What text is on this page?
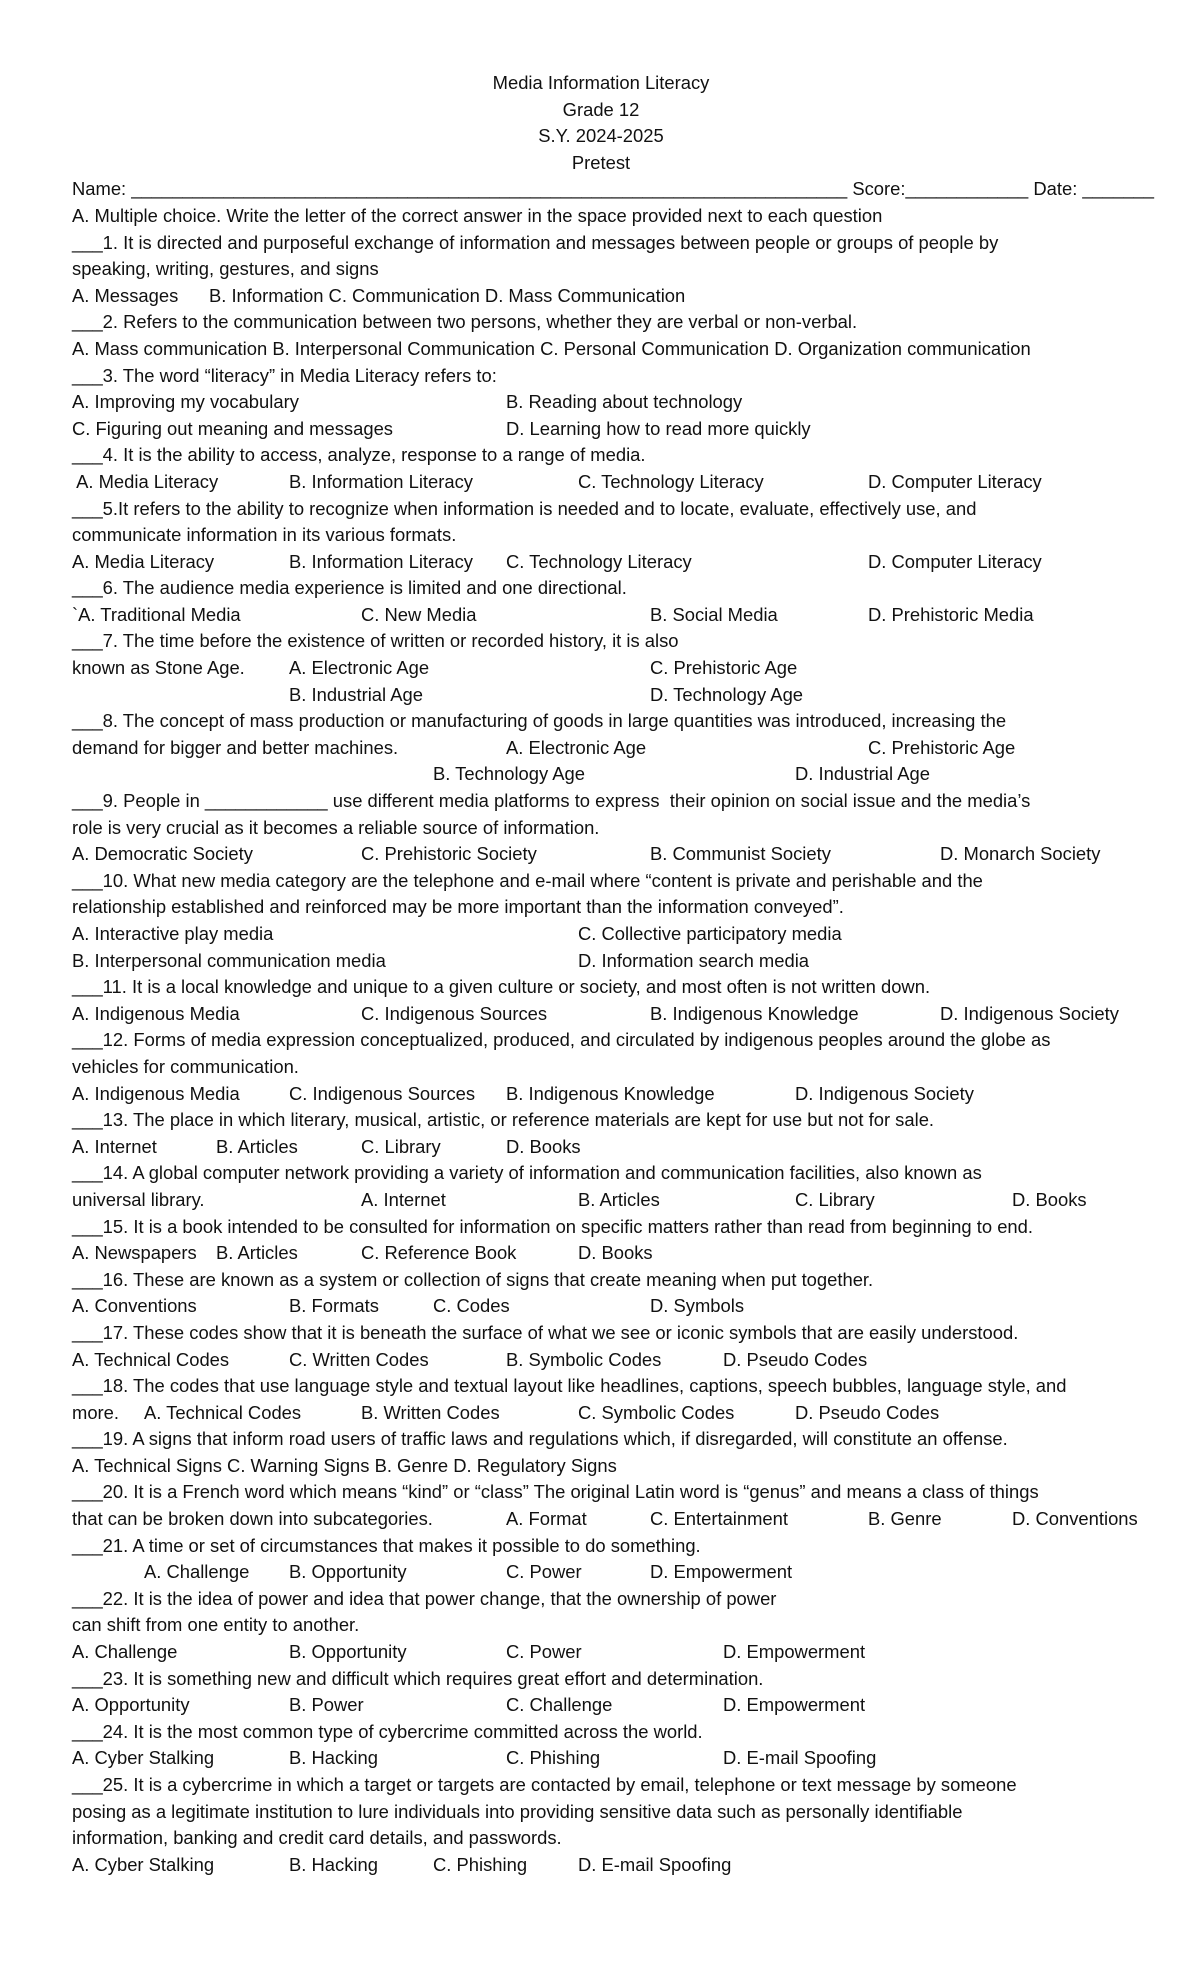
Media Information Literacy
Grade 12
S.Y. 2024-2025
Pretest
Name: ______________________________________________________________________ Score:____________ Date: _______
A. Multiple choice. Write the letter of the correct answer in the space provided next to each question
___1. It is directed and purposeful exchange of information and messages between people or groups of people by
speaking, writing, gestures, and signs
A. Messages      B. Information C. Communication D. Mass Communication
___2. Refers to the communication between two persons, whether they are verbal or non-verbal.
A. Mass communication B. Interpersonal Communication C. Personal Communication D. Organization communication
___3. The word “literacy” in Media Literacy refers to:
A. Improving my vocabulary	B. Reading about technology
C. Figuring out meaning and messages	D. Learning how to read more quickly
___4. It is the ability to access, analyze, response to a range of media.
A. Media Literacy	B. Information Literacy	C. Technology Literacy	D. Computer Literacy
___5.It refers to the ability to recognize when information is needed and to locate, evaluate, effectively use, and
communicate information in its various formats.
A. Media Literacy	B. Information Literacy C. Technology Literacy	D. Computer Literacy
___6. The audience media experience is limited and one directional.
`A. Traditional Media	C. New Media	B. Social Media	D. Prehistoric Media
___7. The time before the existence of written or recorded history, it is also
known as Stone Age. A. Electronic Age	C. Prehistoric Age
B. Industrial Age	D. Technology Age
___8. The concept of mass production or manufacturing of goods in large quantities was introduced, increasing the
demand for bigger and better machines.	A. Electronic Age	C. Prehistoric Age
B. Technology Age	D. Industrial Age
___9. People in ____________ use different media platforms to express  their opinion on social issue and the media’s
role is very crucial as it becomes a reliable source of information.
A. Democratic Society	C. Prehistoric Society	B. Communist Society	D. Monarch Society
___10. What new media category are the telephone and e-mail where “content is private and perishable and the
relationship established and reinforced may be more important than the information conveyed”.
A. Interactive play media	C. Collective participatory media
B. Interpersonal communication media	D. Information search media
___11. It is a local knowledge and unique to a given culture or society, and most often is not written down.
A. Indigenous Media	C. Indigenous Sources	B. Indigenous Knowledge	D. Indigenous Society
___12. Forms of media expression conceptualized, produced, and circulated by indigenous peoples around the globe as
vehicles for communication.
A. Indigenous Media	C. Indigenous Sources B. Indigenous Knowledge	D. Indigenous Society
___13. The place in which literary, musical, artistic, or reference materials are kept for use but not for sale.
A. Internet	B. Articles	C. Library	D. Books
___14. A global computer network providing a variety of information and communication facilities, also known as
universal library.	A. Internet	B. Articles	C. Library	D. Books
___15. It is a book intended to be consulted for information on specific matters rather than read from beginning to end.
A. Newspapers B. Articles	C. Reference Book	D. Books
___16. These are known as a system or collection of signs that create meaning when put together.
A. Conventions	B. Formats	C. Codes	D. Symbols
___17. These codes show that it is beneath the surface of what we see or iconic symbols that are easily understood.
A. Technical Codes	C. Written Codes	B. Symbolic Codes	D. Pseudo Codes
___18. The codes that use language style and textual layout like headlines, captions, speech bubbles, language style, and
more. A. Technical Codes	B. Written Codes	C. Symbolic Codes	D. Pseudo Codes
___19. A signs that inform road users of traffic laws and regulations which, if disregarded, will constitute an offense.
A. Technical Signs C. Warning Signs B. Genre D. Regulatory Signs
___20. It is a French word which means “kind” or “class” The original Latin word is “genus” and means a class of things
that can be broken down into subcategories.	A. Format	C. Entertainment	B. Genre	D. Conventions
___21. A time or set of circumstances that makes it possible to do something.
A. Challenge B. Opportunity	C. Power	D. Empowerment
___22. It is the idea of power and idea that power change, that the ownership of power
can shift from one entity to another.
A. Challenge	B. Opportunity	C. Power	D. Empowerment
___23. It is something new and difficult which requires great effort and determination.
A. Opportunity	B. Power	C. Challenge	D. Empowerment
___24. It is the most common type of cybercrime committed across the world.
A. Cyber Stalking	B. Hacking	C. Phishing	D. E-mail Spoofing
___25. It is a cybercrime in which a target or targets are contacted by email, telephone or text message by someone
posing as a legitimate institution to lure individuals into providing sensitive data such as personally identifiable
information, banking and credit card details, and passwords.
A. Cyber Stalking	B. Hacking	C. Phishing	D. E-mail Spoofing
